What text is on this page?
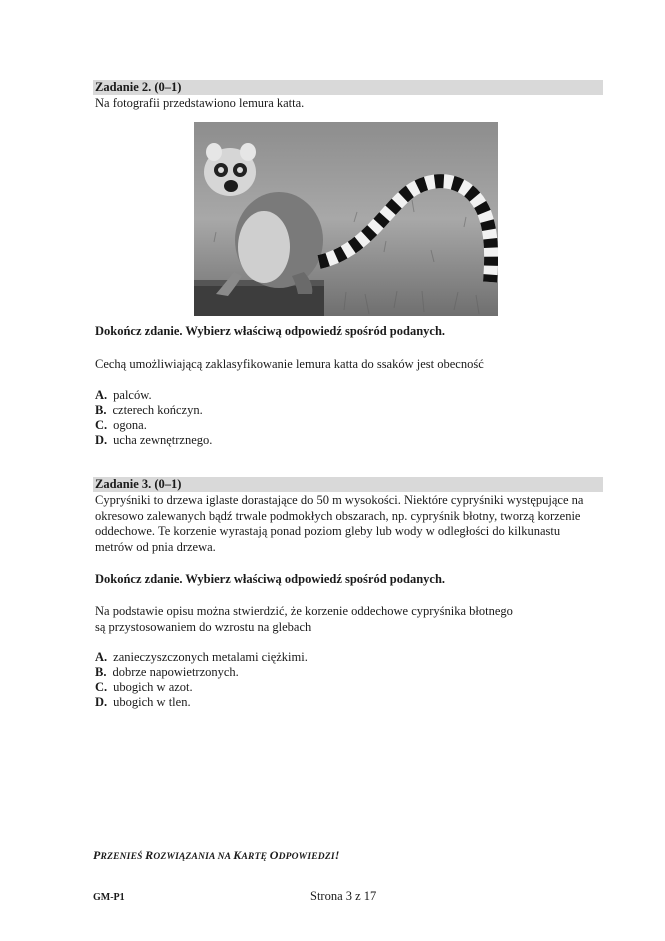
Zadanie 2. (0–1)
Na fotografii przedstawiono lemura katta.
Dokończ zdanie. Wybierz właściwą odpowiedź spośród podanych.
Cechą umożliwiającą zaklasyfikowanie lemura katta do ssaków jest obecność
A. palców.
B. czterech kończyn.
C. ogona.
D. ucha zewnętrznego.
Zadanie 3. (0–1)
Cypryśniki to drzewa iglaste dorastające do 50 m wysokości. Niektóre cypryśniki występujące na
okresowo zalewanych bądź trwale podmokłych obszarach, np. cypryśnik błotny, tworzą korzenie
oddechowe. Te korzenie wyrastają ponad poziom gleby lub wody w odległości do kilkunastu
metrów od pnia drzewa.
Dokończ zdanie. Wybierz właściwą odpowiedź spośród podanych.
Na podstawie opisu można stwierdzić, że korzenie oddechowe cypryśnika błotnego
są przystosowaniem do wzrostu na glebach
A. zanieczyszczonych metalami ciężkimi.
B. dobrze napowietrzonych.
C. ubogich w azot.
D. ubogich w tlen.
PRZENIEŚ ROZWIĄZANIA NA KARTĘ ODPOWIEDZI!
GM-P1	Strona 3 z 17
